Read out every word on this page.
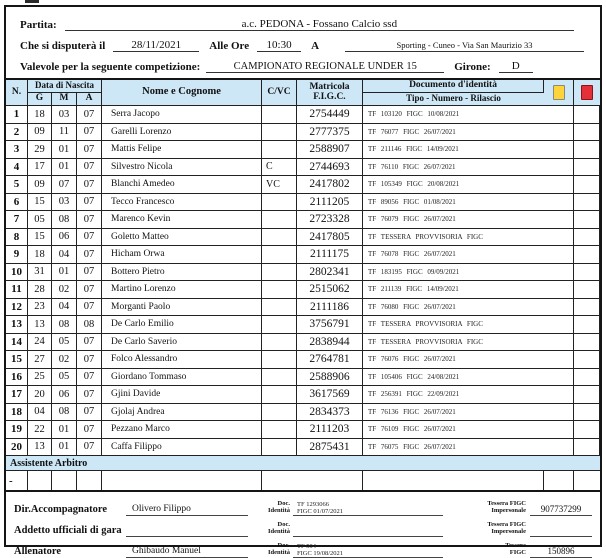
Partita:	a.c. PEDONA - Fossano Calcio ssd
Che si disputerà il	28/11/2021	Alle Ore	10:30	A	Sporting - Cuneo - Via San Maurizio 33
Valevole per la seguente competizione:	CAMPIONATO REGIONALE UNDER 15	Girone:	D
N.
Data di Nascita
G	M	A
Nome e Cognome	C/VC	Matricola
F.I.G.C.
Documento d'identità
Tipo - Numero - Rilascio
1	18	03	07	Serra Jacopo	2754449	TF 103120 FIGC 10/08/2021
2	09	11	07	Garelli Lorenzo	2777375	TF 76077 FIGC 26/07/2021
3	29	01	07	Mattis Felipe	2588907	TF 211146 FIGC 14/09/2021
4	17	01	07	Silvestro Nicola	C	2744693	TF 76110 FIGC 26/07/2021
5	09	07	07	Blanchi Amedeo	VC	2417802	TF 105349 FIGC 20/08/2021
6	15	03	07	Tecco Francesco	2111205	TF 89056 FIGC 01/08/2021
7	05	08	07	Marenco Kevin	2723328	TF 76079 FIGC 26/07/2021
8	15	06	07	Goletto Matteo	2417805	TF TESSERA PROVVISORIA FIGC
9	18	04	07	Hicham Orwa	2111175	TF 76078 FIGC 26/07/2021
10	31	01	07	Bottero Pietro	2802341	TF 183195 FIGC 09/09/2021
11	28	02	07	Martino Lorenzo	2515062	TF 211139 FIGC 14/09/2021
12	23	04	07	Morganti Paolo	2111186	TF 76080 FIGC 26/07/2021
13	13	08	08	De Carlo Emilio	3756791	TF TESSERA PROVVISORIA FIGC
14	24	05	07	De Carlo Saverio	2838944	TF TESSERA PROVVISORIA FIGC
15	27	02	07	Folco Alessandro	2764781	TF 76076 FIGC 26/07/2021
16	25	05	07	Giordano Tommaso	2588906	TF 105406 FIGC 24/08/2021
17	20	06	07	Gjini Davide	3617569	TF 256391 FIGC 22/09/2021
18	04	08	07	Gjolaj Andrea	2834373	TF 76136 FIGC 26/07/2021
19	22	01	07	Pezzano Marco	2111203	TF 76109 FIGC 26/07/2021
20	13	01	07	Caffa Filippo	2875431	TF 76075 FIGC 26/07/2021
Assistente Arbitro
-
Dir.Accompagnatore	Olivero Filippo
Doc.
Identità
TF 1293066
FIGC 01/07/2021
Tessera FIGC
Impersonale	907737299
Addetto ufficiali di gara
Doc.
Identità
Tessera FIGC
Impersonale
Allenatore	Ghibaudo Manuel
Doc.
Identità
TF 594
FIGC 19/08/2021
Tessera
FIGC	150896
